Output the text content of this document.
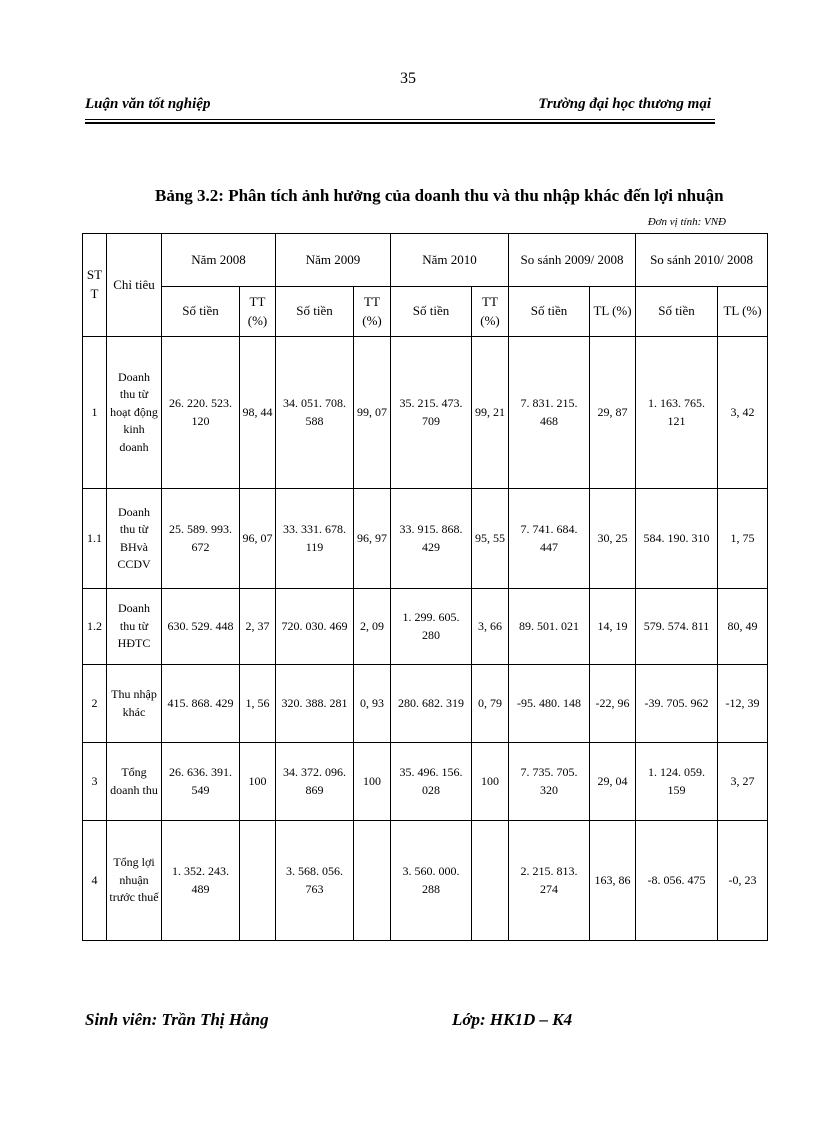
35
Luận văn tốt nghiệp	Trường đại học thương mại
Bảng 3.2: Phân tích ảnh hưởng của doanh thu và thu nhập khác đến lợi nhuận
Đơn vị tính: VNĐ
STT	Chỉ tiêu	Năm 2008		Năm 2009		Năm 2010		So sánh 2009/ 2008		So sánh 2010/ 2008	
		Số tiền	TT (%)	Số tiền	TT (%)	Số tiền	TT (%)	Số tiền	TL (%)	Số tiền	TL (%)
1	Doanh thu từ hoạt động kinh doanh	26. 220. 523. 120	98, 44	34. 051. 708. 588	99, 07	35. 215. 473. 709	99, 21	7. 831. 215. 468	29, 87	1. 163. 765. 121	3, 42
1.1	Doanh thu từ BHvà CCDV	25. 589. 993. 672	96, 07	33. 331. 678. 119	96, 97	33. 915. 868. 429	95, 55	7. 741. 684. 447	30, 25	584. 190. 310	1, 75
1.2	Doanh thu từ HĐTC	630. 529. 448	2, 37	720. 030. 469	2, 09	1. 299. 605. 280	3, 66	89. 501. 021	14, 19	579. 574. 811	80, 49
2	Thu nhập khác	415. 868. 429	1, 56	320. 388. 281	0, 93	280. 682. 319	0, 79	-95. 480. 148	-22, 96	-39. 705. 962	-12, 39
3	Tổng doanh thu	26. 636. 391. 549	100	34. 372. 096. 869	100	35. 496. 156. 028	100	7. 735. 705. 320	29, 04	1. 124. 059. 159	3, 27
4	Tổng lợi nhuận trước thuế	1. 352. 243. 489		3. 568. 056. 763		3. 560. 000. 288		2. 215. 813. 274	163, 86	-8. 056. 475	-0, 23
Sinh viên: Trần Thị Hằng	Lớp: HK1D – K4
